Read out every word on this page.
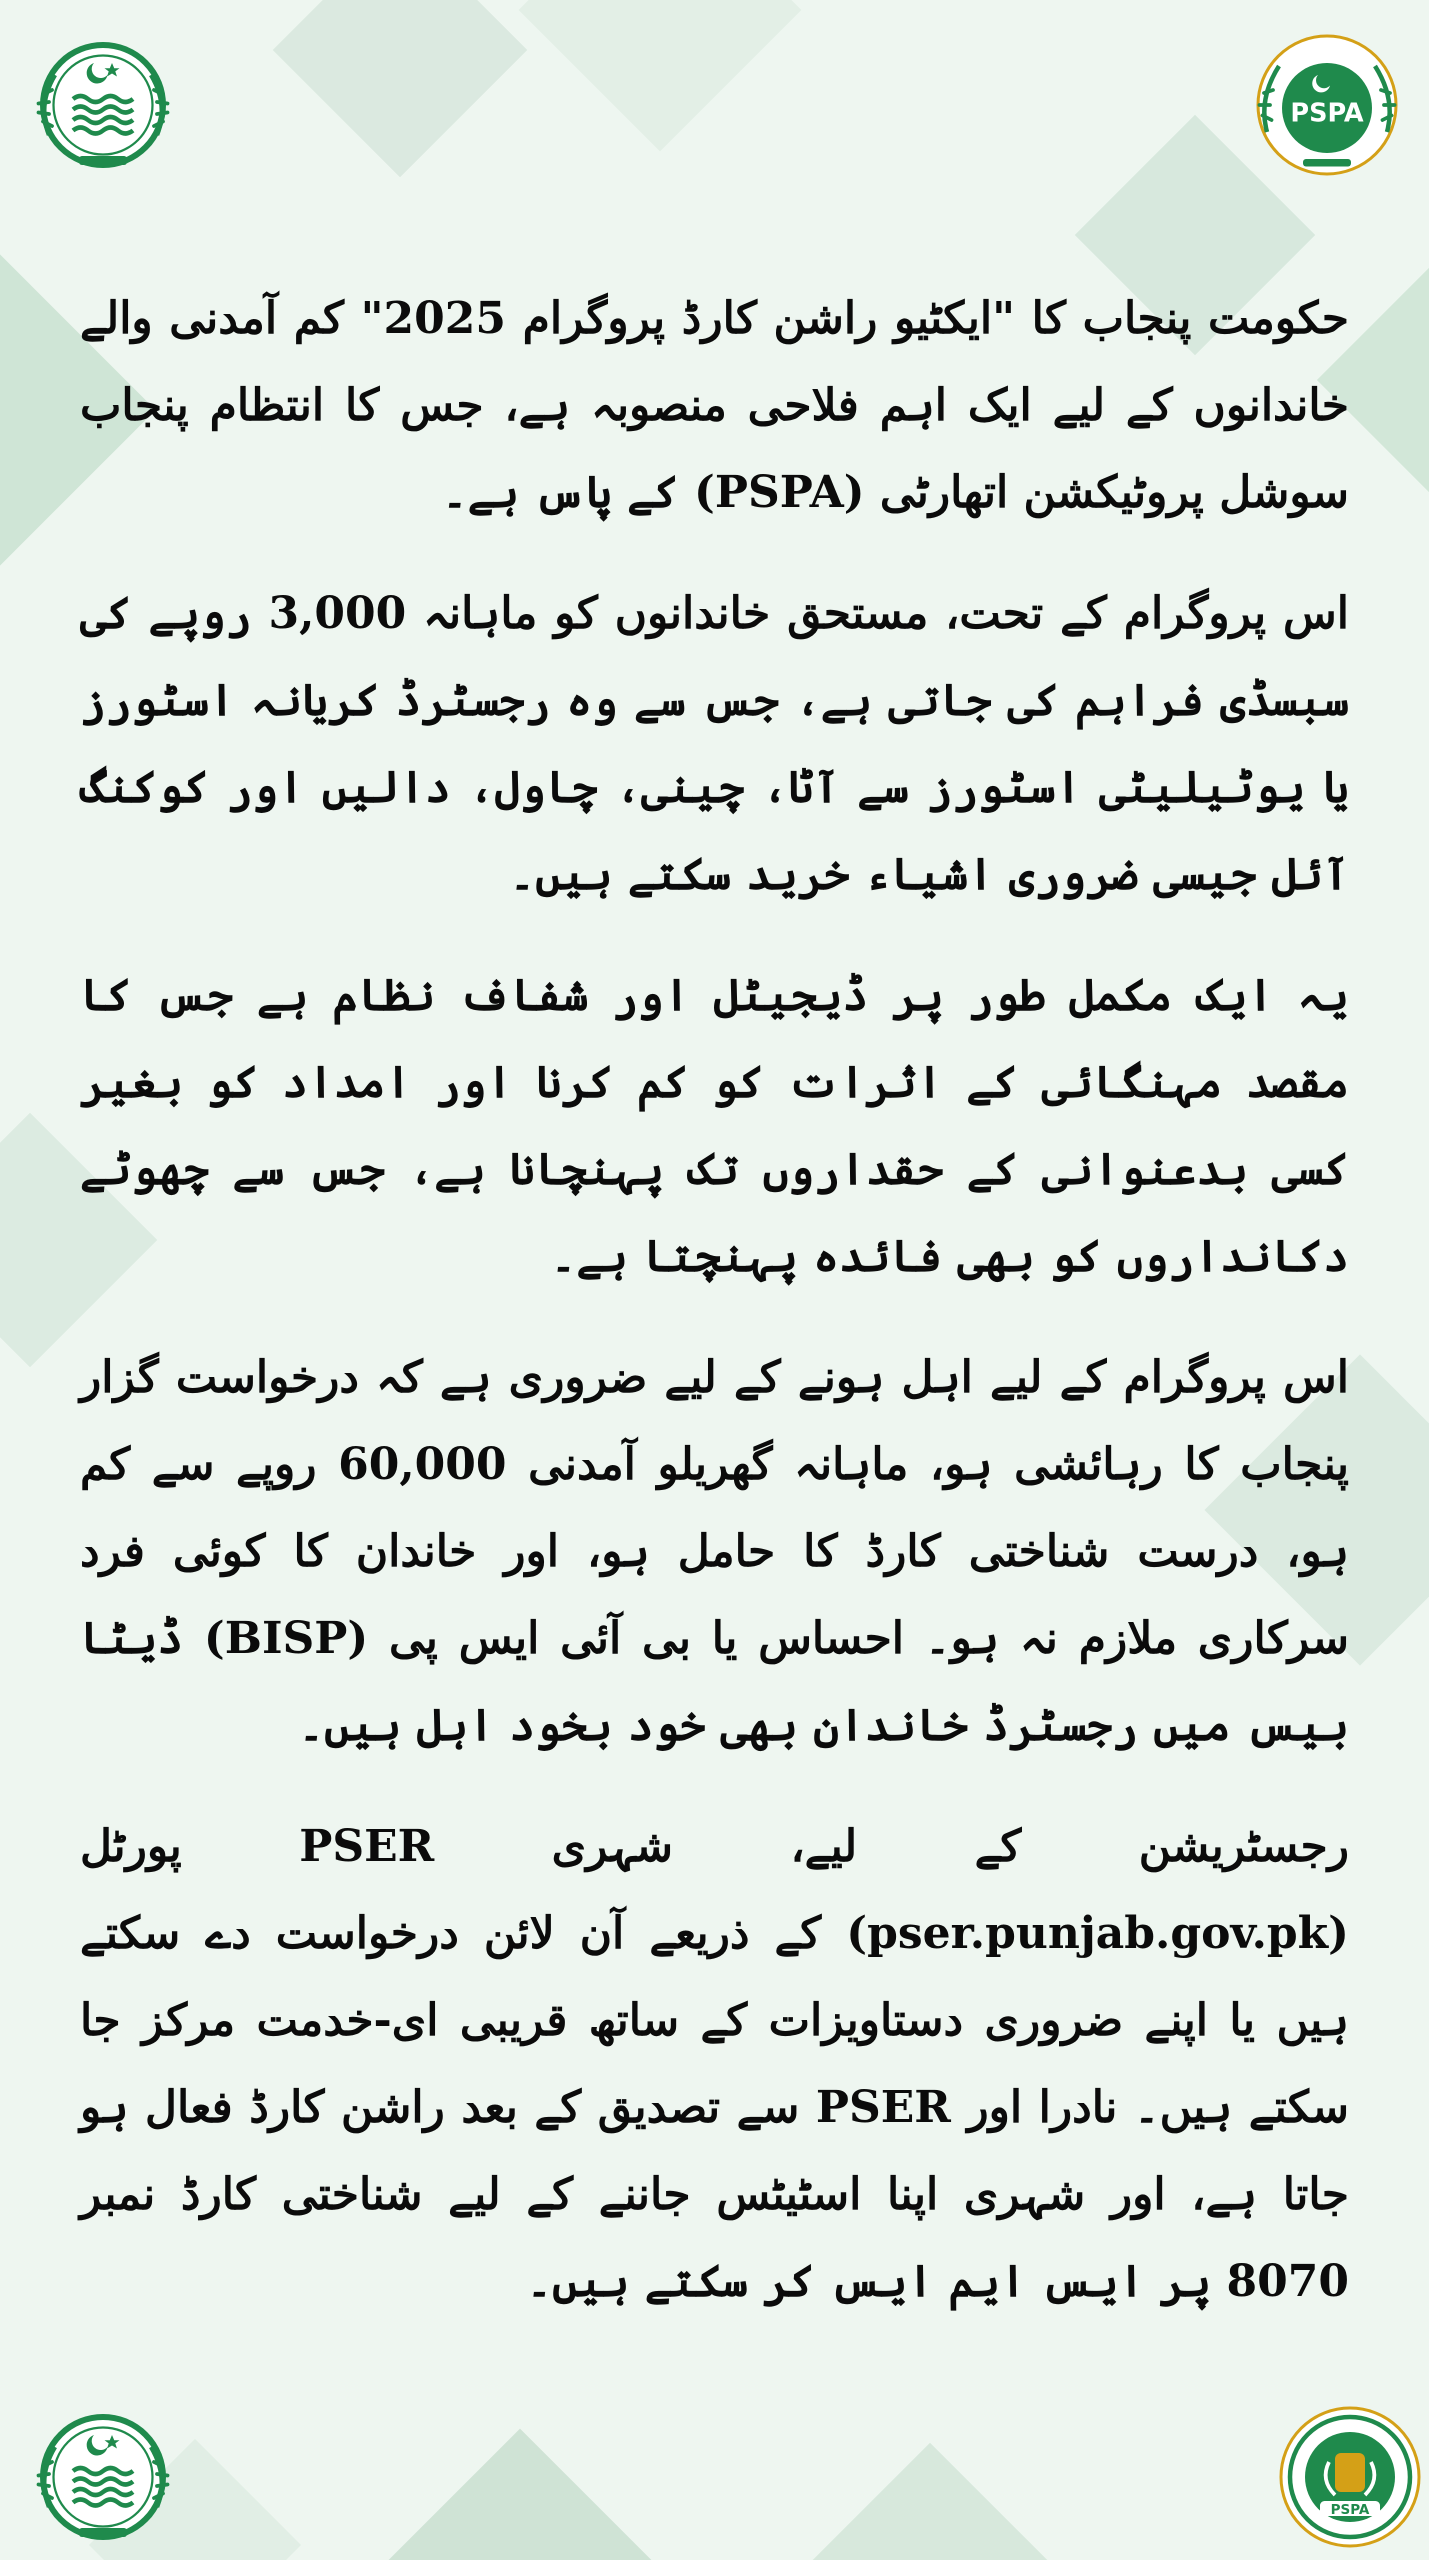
PSPA

حکومت پنجاب کا "ایکٹیو راشن کارڈ پروگرام 2025" کم آمدنی والے خاندانوں کے لیے ایک اہم فلاحی منصوبہ ہے، جس کا انتظام پنجاب سوشل پروٹیکشن اتھارٹی (PSPA) کے پاس ہے۔

اس پروگرام کے تحت، مستحق خاندانوں کو ماہانہ 3,000 روپے کی سبسڈی فراہم کی جاتی ہے، جس سے وہ رجسٹرڈ کریانہ اسٹورز یا یوٹیلیٹی اسٹورز سے آٹا، چینی، چاول، دالیں اور کوکنگ آئل جیسی ضروری اشیاء خرید سکتے ہیں۔

یہ ایک مکمل طور پر ڈیجیٹل اور شفاف نظام ہے جس کا مقصد مہنگائی کے اثرات کو کم کرنا اور امداد کو بغیر کسی بدعنوانی کے حقداروں تک پہنچانا ہے، جس سے چھوٹے دکانداروں کو بھی فائدہ پہنچتا ہے۔

اس پروگرام کے لیے اہل ہونے کے لیے ضروری ہے کہ درخواست گزار پنجاب کا رہائشی ہو، ماہانہ گھریلو آمدنی 60,000 روپے سے کم ہو، درست شناختی کارڈ کا حامل ہو، اور خاندان کا کوئی فرد سرکاری ملازم نہ ہو۔ احساس یا بی آئی ایس پی (BISP) ڈیٹا بیس میں رجسٹرڈ خاندان بھی خود بخود اہل ہیں۔

رجسٹریشن کے لیے، شہری PSER پورٹل (pser.punjab.gov.pk) کے ذریعے آن لائن درخواست دے سکتے ہیں یا اپنے ضروری دستاویزات کے ساتھ قریبی ای-خدمت مرکز جا سکتے ہیں۔ نادرا اور PSER سے تصدیق کے بعد راشن کارڈ فعال ہو جاتا ہے، اور شہری اپنا اسٹیٹس جاننے کے لیے شناختی کارڈ نمبر 8070 پر ایس ایم ایس کر سکتے ہیں۔

PSPA
